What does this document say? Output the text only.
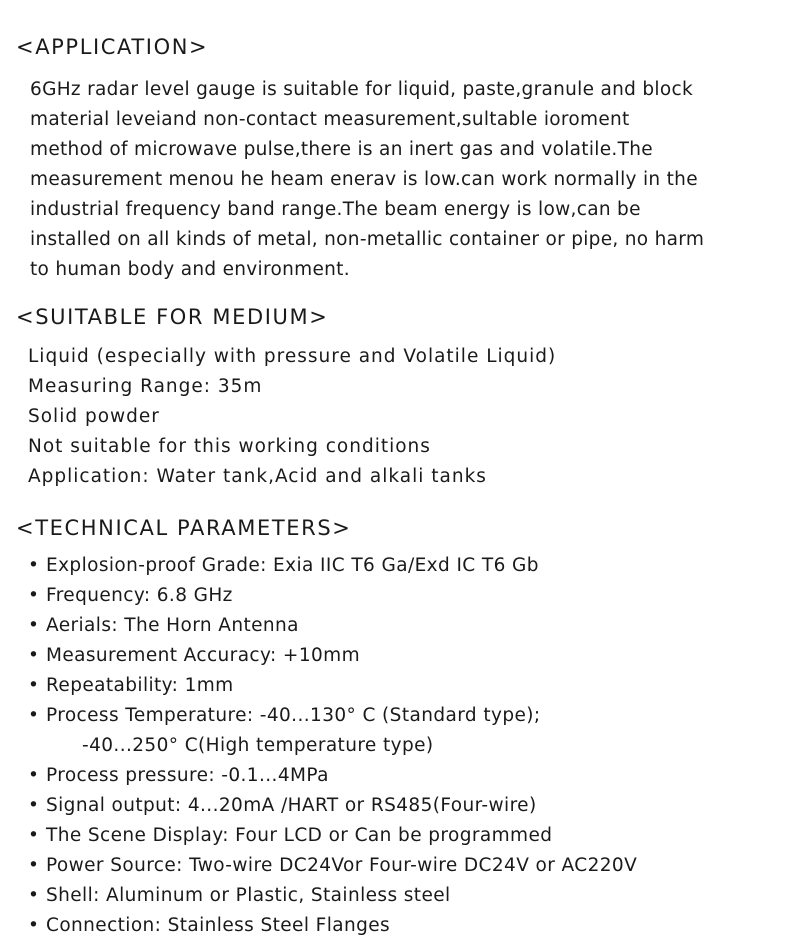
<APPLICATION>

6GHz radar level gauge is suitable for liquid, paste,granule and block
material leveiand non-contact measurement,sultable ioroment
method of microwave pulse,there is an inert gas and volatile.The
measurement menou he heam enerav is low.can work normally in the
industrial frequency band range.The beam energy is low,can be
installed on all kinds of metal, non-metallic container or pipe, no harm
to human body and environment.

<SUITABLE FOR MEDIUM>
Liquid (especially with pressure and Volatile Liquid)
Measuring Range: 35m
Solid powder
Not suitable for this working conditions
Application: Water tank,Acid and alkali tanks
<TECHNICAL PARAMETERS>
• Explosion-proof Grade: Exia IIC T6 Ga/Exd IC T6 Gb
• Frequency: 6.8 GHz
• Aerials: The Horn Antenna
• Measurement Accuracy: +10mm
• Repeatability: 1mm
• Process Temperature: -40...130° C (Standard type);
-40...250° C(High temperature type)
• Process pressure: -0.1...4MPa
• Signal output: 4...20mA /HART or RS485(Four-wire)
• The Scene Display: Four LCD or Can be programmed
• Power Source: Two-wire DC24Vor Four-wire DC24V or AC220V
• Shell: Aluminum or Plastic, Stainless steel
• Connection: Stainless Steel Flanges
